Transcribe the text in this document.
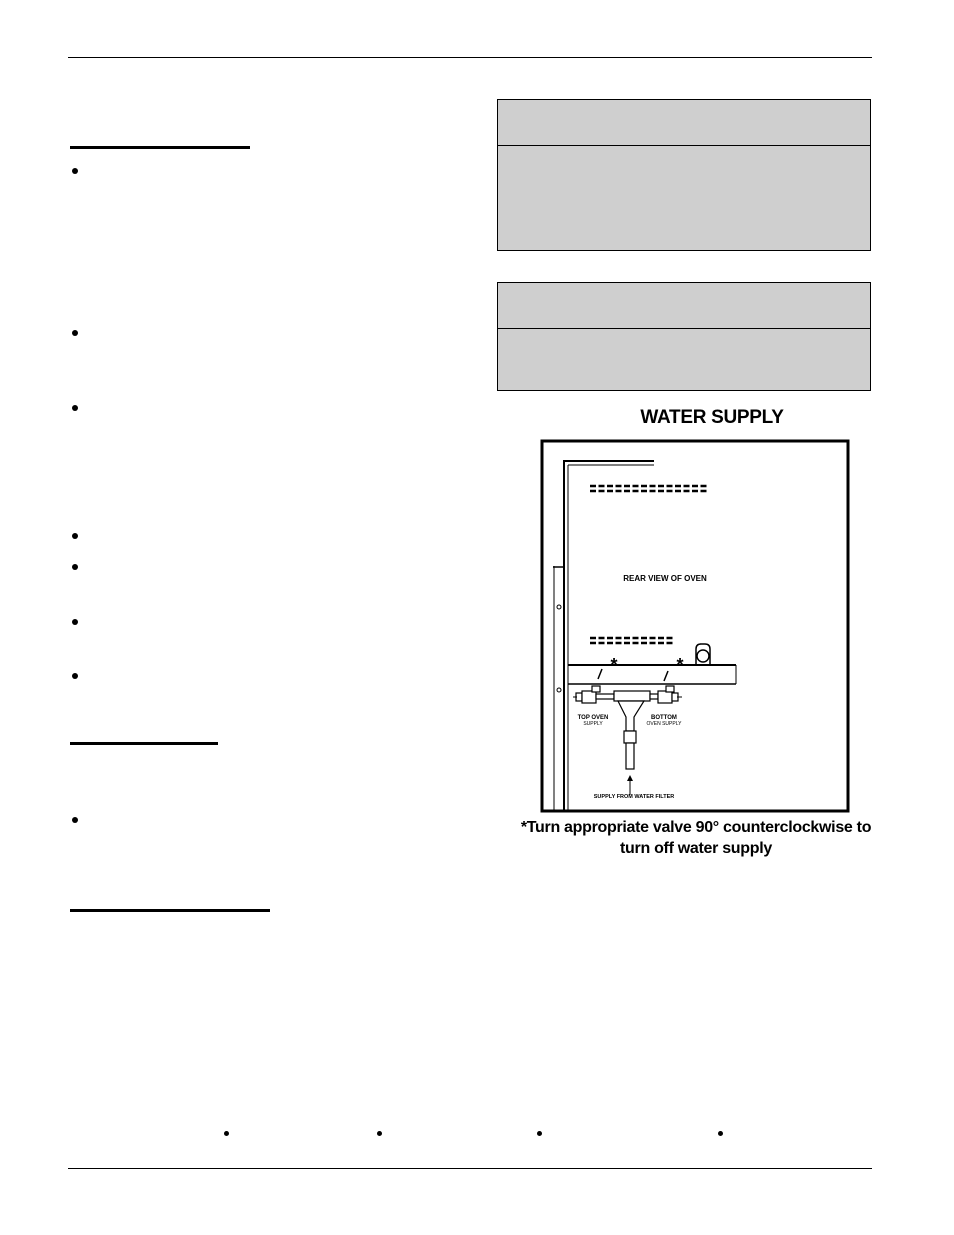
WATER SUPPLY
REAR VIEW OF OVEN
*	*
TOP OVEN
SUPPLY
BOTTOM
OVEN SUPPLY
SUPPLY FROM WATER FILTER
*Turn appropriate valve 90° counterclockwise to
turn off water supply
